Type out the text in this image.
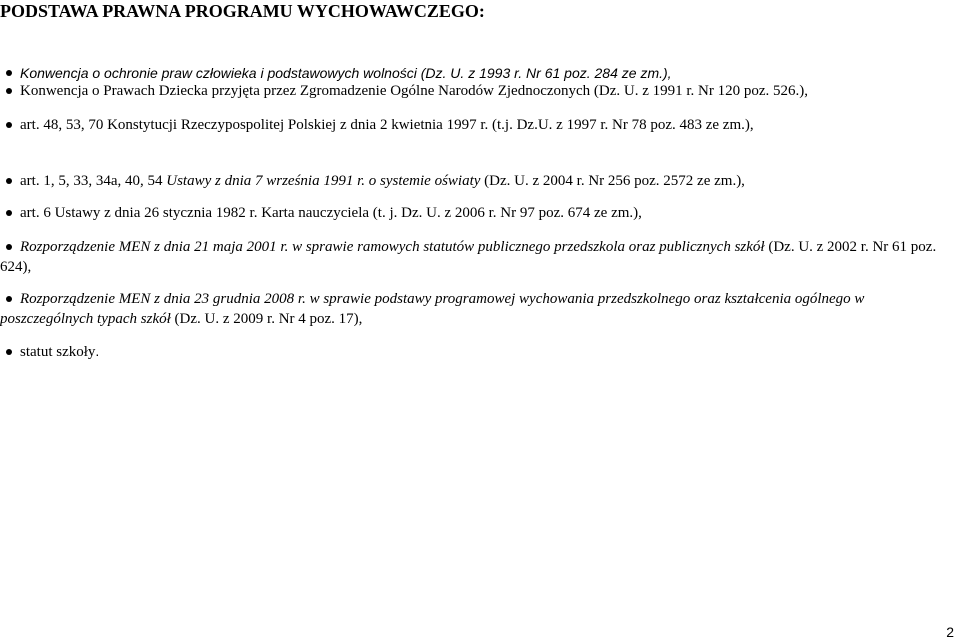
PODSTAWA PRAWNA PROGRAMU WYCHOWAWCZEGO:
Konwencja o ochronie praw człowieka i podstawowych wolności (Dz. U. z 1993 r. Nr 61 poz. 284 ze zm.),
Konwencja o Prawach Dziecka przyjęta przez Zgromadzenie Ogólne Narodów Zjednoczonych (Dz. U. z 1991 r. Nr 120 poz. 526.),
art. 48, 53, 70 Konstytucji Rzeczypospolitej Polskiej z dnia 2 kwietnia 1997 r. (t.j. Dz.U. z 1997 r. Nr 78 poz. 483 ze zm.),
art. 1, 5, 33, 34a, 40, 54 Ustawy z dnia 7 września 1991 r. o systemie oświaty (Dz. U. z 2004 r. Nr 256 poz. 2572 ze zm.),
art. 6 Ustawy z dnia 26 stycznia 1982 r. Karta nauczyciela (t. j. Dz. U. z 2006 r. Nr 97 poz. 674 ze zm.),
Rozporządzenie MEN z dnia 21 maja 2001 r. w sprawie ramowych statutów publicznego przedszkola oraz publicznych szkół (Dz. U. z 2002 r. Nr 61 poz. 624),
Rozporządzenie MEN z dnia 23 grudnia 2008 r. w sprawie podstawy programowej wychowania przedszkolnego oraz kształcenia ogólnego w poszczególnych typach szkół (Dz. U. z 2009 r. Nr 4 poz. 17),
statut szkoły.
2
